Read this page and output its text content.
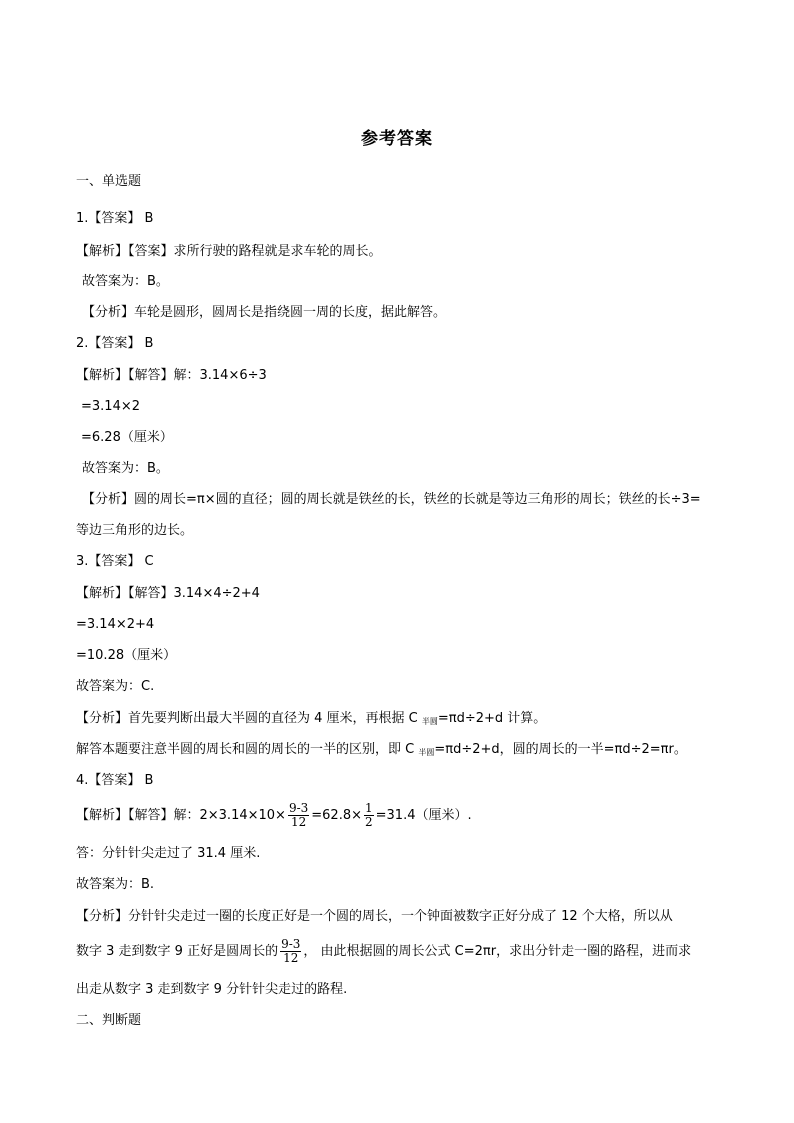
参考答案
一、单选题
1.【答案】 B
【解析】【答案】求所行驶的路程就是求车轮的周长。
故答案为：B。
【分析】车轮是圆形，圆周长是指绕圆一周的长度，据此解答。
2.【答案】 B
【解析】【解答】解：3.14×6÷3
=3.14×2
=6.28（厘米）
故答案为：B。
【分析】圆的周长=π×圆的直径；圆的周长就是铁丝的长，铁丝的长就是等边三角形的周长；铁丝的长÷3=
等边三角形的边长。
3.【答案】 C
【解析】【解答】3.14×4÷2+4
=3.14×2+4
=10.28（厘米）
故答案为：C.
【分析】首先要判断出最大半圆的直径为 4 厘米，再根据 C $_{半圆}$=πd÷2+d 计算。
解答本题要注意半圆的周长和圆的周长的一半的区别，即 C $_{半圆}$=πd÷2+d，圆的周长的一半=πd÷2=πr。
4.【答案】 B
【解析】【解答】解：$2\times 3.14\times 10\times \frac{9-3}{12} =62.8\times \frac{1}{2} =31.4$（厘米）.
答：分针针尖走过了 31.4 厘米.
故答案为：B.
【分析】分针针尖走过一圈的长度正好是一个圆的周长，一个钟面被数字正好分成了 12 个大格，所以从
数字 3 走到数字 9 正好是圆周长的 $\frac{9-3}{12}$ ， 由此根据圆的周长公式 C=2πr，求出分针走一圈的路程，进而求
出走从数字 3 走到数字 9 分针针尖走过的路程.
二、判断题
